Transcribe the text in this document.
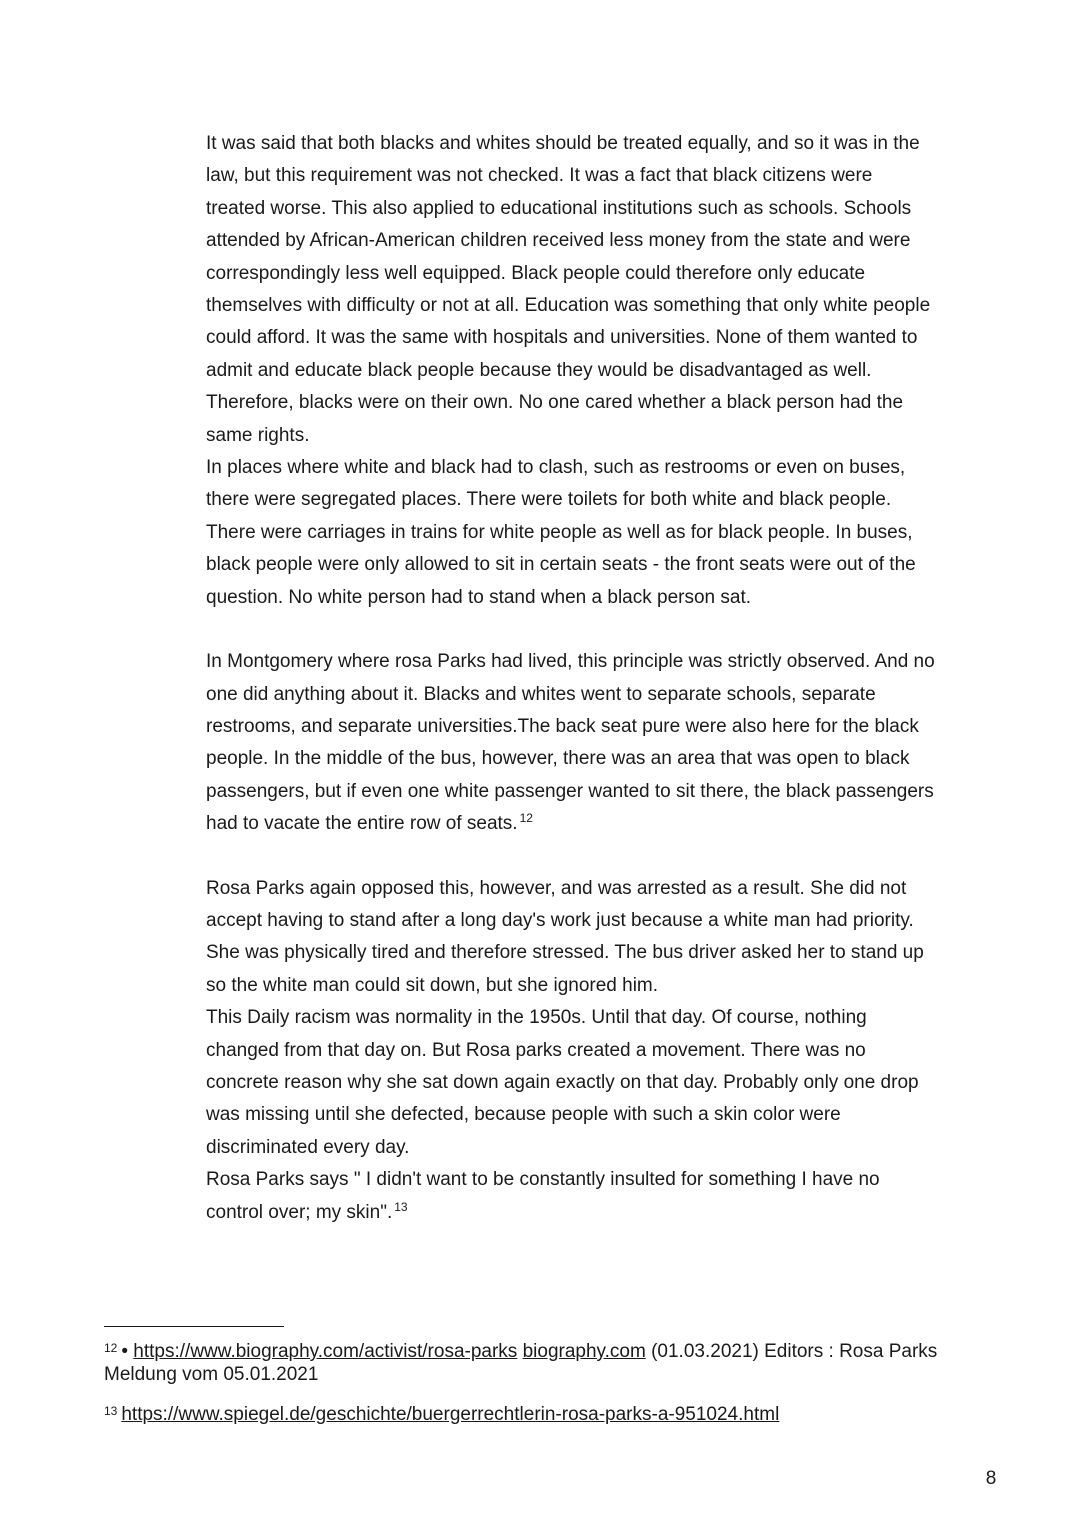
It was said that both blacks and whites should be treated equally, and so it was in the law, but this requirement was not checked. It was a fact that black citizens were treated worse. This also applied to educational institutions such as schools. Schools attended by African-American children received less money from the state and were correspondingly less well equipped. Black people could therefore only educate themselves with difficulty or not at all. Education was something that only white people could afford. It was the same with hospitals and universities. None of them wanted to admit and educate black people because they would be disadvantaged as well. Therefore, blacks were on their own. No one cared whether a black person had the same rights.

In places where white and black had to clash, such as restrooms or even on buses, there were segregated places. There were toilets for both white and black people. There were carriages in trains for white people as well as for black people. In buses, black people were only allowed to sit in certain seats - the front seats were out of the question. No white person had to stand when a black person sat.

In Montgomery where rosa Parks had lived, this principle was strictly observed. And no one did anything about it. Blacks and whites went to separate schools, separate restrooms, and separate universities.The back seat pure were also here for the black people. In the middle of the bus, however, there was an area that was open to black passengers, but if even one white passenger wanted to sit there, the black passengers had to vacate the entire row of seats. $^{12}$

Rosa Parks again opposed this, however, and was arrested as a result. She did not accept having to stand after a long day's work just because a white man had priority. She was physically tired and therefore stressed. The bus driver asked her to stand up so the white man could sit down, but she ignored him.

This Daily racism was normality in the 1950s. Until that day. Of course, nothing changed from that day on. But Rosa parks created a movement. There was no concrete reason why she sat down again exactly on that day. Probably only one drop was missing until she defected, because people with such a skin color were discriminated every day.

Rosa Parks says " I didn't want to be constantly insulted for something I have no control over; my skin". $^{13}$

$^{12}$ • https://www.biography.com/activist/rosa-parks biography.com (01.03.2021) Editors : Rosa Parks Meldung vom 05.01.2021

$^{13}$ https://www.spiegel.de/geschichte/buergerrechtlerin-rosa-parks-a-951024.html

8
